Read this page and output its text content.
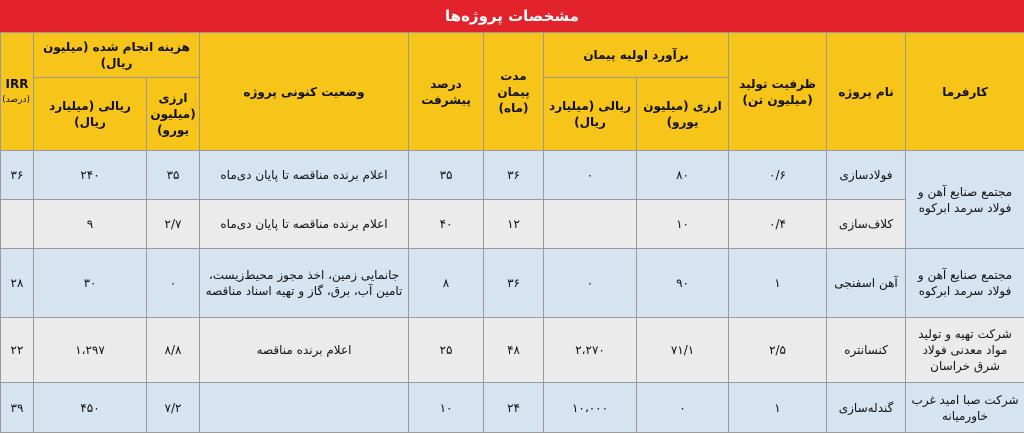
مشخصات پروژه‌ها
کارفرما	نام پروژه	ظرفیت تولید (میلیون تن)	برآورد اولیه پیمان		مدت پیمان (ماه)	درصد پیشرفت	وضعیت کنونی پروژه	هزینه انجام شده (میلیون ریال)		IRR
(درصد)

			ارزی (میلیون یورو)	ریالی (میلیارد ریال)				ارزی (میلیون یورو)	ریالی (میلیارد ریال)	
مجتمع صنایع آهن و فولاد سرمد ابرکوه	فولادسازی	۰/۶	۸۰	۰	۳۶	۳۵	اعلام برنده مناقصه تا پایان دی‌ماه	۳۵	۲۴۰	۳۶
	کلاف‌سازی	۰/۴	۱۰		۱۲	۴۰	اعلام برنده مناقصه تا پایان دی‌ماه	۲/۷	۹	
مجتمع صنایع آهن و فولاد سرمد ابرکوه	آهن اسفنجی	۱	۹۰	۰	۳۶	۸	جانمایی زمین، اخذ مجوز محیط‌زیست، تامین آب، برق، گاز و تهیه اسناد مناقصه	۰	۳۰	۲۸
شرکت تهیه و تولید مواد معدنی فولاد شرق خراسان	کنسانتره	۲/۵	۷۱/۱	۲،۲۷۰	۴۸	۲۵	اعلام برنده مناقصه	۸/۸	۱،۲۹۷	۲۲
شرکت صبا امید غرب خاورمیانه	گندله‌سازی	۱	۰	۱۰،۰۰۰	۲۴	۱۰		۷/۲	۴۵۰	۳۹
